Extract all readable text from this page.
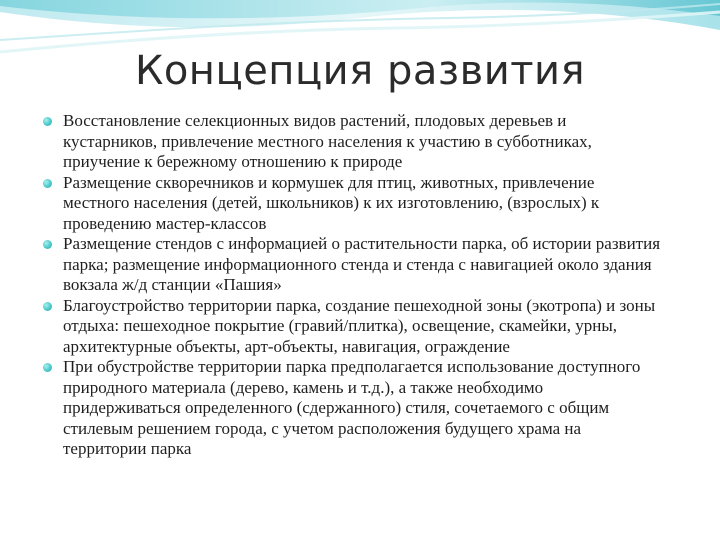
Концепция развития
Восстановление селекционных видов растений, плодовых деревьев и кустарников, привлечение местного населения к участию в субботниках, приучение к бережному отношению к природе
Размещение скворечников и кормушек для птиц, животных, привлечение местного населения (детей, школьников) к их изготовлению, (взрослых) к проведению мастер-классов
Размещение стендов с информацией о растительности парка, об истории развития парка; размещение информационного стенда и стенда с навигацией около здания вокзала ж/д станции «Пашия»
Благоустройство территории парка, создание пешеходной зоны (экотропа) и зоны отдыха: пешеходное покрытие (гравий/плитка), освещение, скамейки, урны, архитектурные объекты, арт-объекты, навигация, ограждение
При обустройстве территории парка предполагается использование доступного природного материала (дерево, камень и т.д.), а также необходимо придерживаться определенного (сдержанного) стиля, сочетаемого с общим стилевым решением города, с учетом расположения будущего храма на территории парка
